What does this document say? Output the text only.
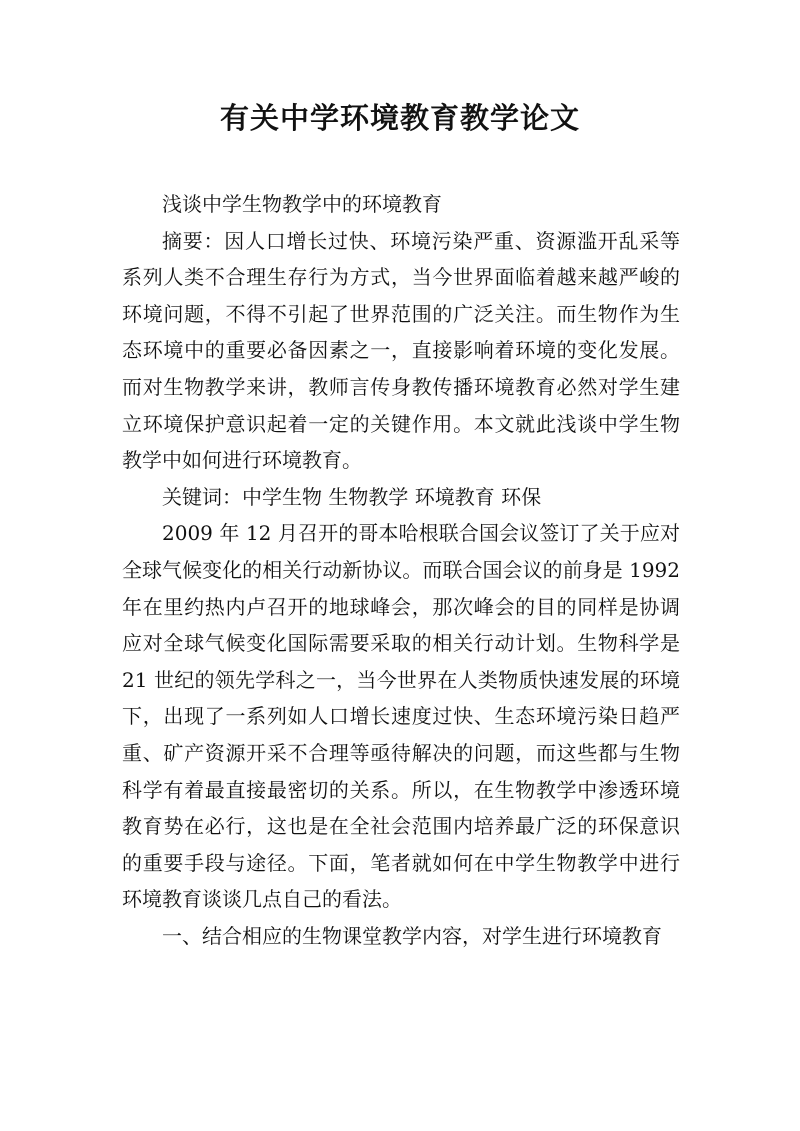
有关中学环境教育教学论文

浅谈中学生物教学中的环境教育

摘要：因人口增长过快、环境污染严重、资源滥开乱采等系列人类不合理生存行为方式，当今世界面临着越来越严峻的环境问题，不得不引起了世界范围的广泛关注。而生物作为生态环境中的重要必备因素之一，直接影响着环境的变化发展。而对生物教学来讲，教师言传身教传播环境教育必然对学生建立环境保护意识起着一定的关键作用。本文就此浅谈中学生物教学中如何进行环境教育。

关键词：中学生物 生物教学 环境教育 环保

2009 年 12 月召开的哥本哈根联合国会议签订了关于应对全球气候变化的相关行动新协议。而联合国会议的前身是 1992 年在里约热内卢召开的地球峰会，那次峰会的目的同样是协调应对全球气候变化国际需要采取的相关行动计划。生物科学是 21 世纪的领先学科之一，当今世界在人类物质快速发展的环境下，出现了一系列如人口增长速度过快、生态环境污染日趋严重、矿产资源开采不合理等亟待解决的问题，而这些都与生物科学有着最直接最密切的关系。所以，在生物教学中渗透环境教育势在必行，这也是在全社会范围内培养最广泛的环保意识的重要手段与途径。下面，笔者就如何在中学生物教学中进行环境教育谈谈几点自己的看法。

一、结合相应的生物课堂教学内容，对学生进行环境教育
